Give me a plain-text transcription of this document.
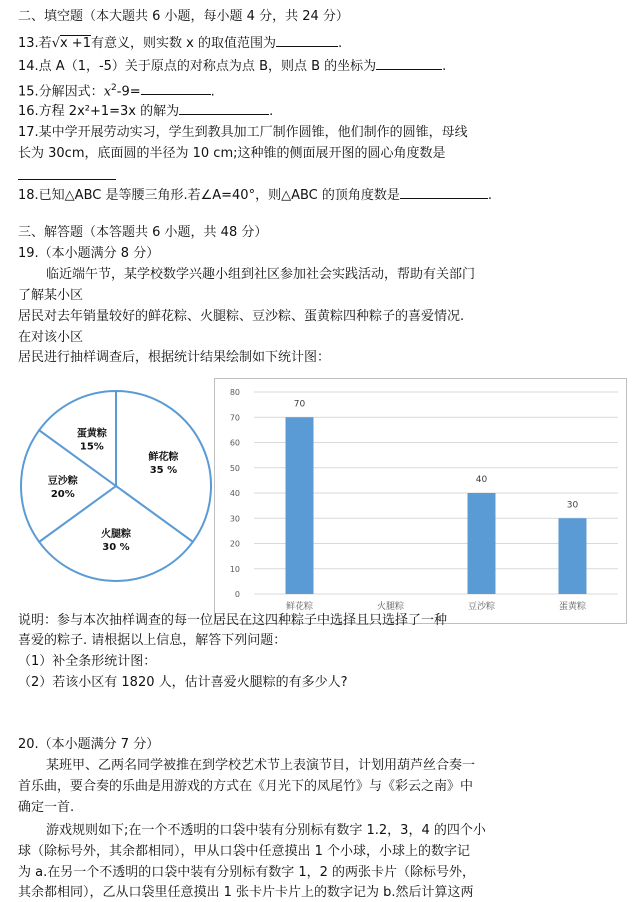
二、填空题（本大题共 6 小题，每小题 4 分，共 24 分）
13.若√x +1有意义，则实数 x 的取值范围为	.
14.点 A（1，-5）关于原点的对称点为点 B，则点 B 的坐标为	.
15.分解因式：$x^2-9=$	.
16.方程 2x²+1=3x 的解为	.
17.某中学开展劳动实习，学生到教具加工厂制作圆锥，他们制作的圆锥，母线
长为 30cm，底面圆的半径为 10 cm;这种锥的侧面展开图的圆心角度数是
18.已知△ABC 是等腰三角形.若∠A=40°，则△ABC 的顶角度数是	.
三、解答题（本答题共 6 小题，共 48 分）
19.（本小题满分 8 分）
临近端午节，某学校数学兴趣小组到社区参加社会实践活动，帮助有关部门
了解某小区
居民对去年销量较好的鲜花粽、火腿粽、豆沙粽、蛋黄粽四种粽子的喜爱情况.
在对该小区
居民进行抽样调查后，根据统计结果绘制如下统计图：
鲜花粽
35 %
火腿粽
30 %
豆沙粽
20%
蛋黄粽
15%
0
10
20
30
40
50
60
70
80
70
40
30
鲜花粽	火腿粽	豆沙粽	蛋黄粽
说明：参与本次抽样调查的每一位居民在这四种粽子中选择且只选择了一种
喜爱的粽子. 请根据以上信息，解答下列问题：
（1）补全条形统计图：
（2）若该小区有 1820 人，估计喜爱火腿粽的有多少人?
20.（本小题满分 7 分）
某班甲、乙两名同学被推在到学校艺术节上表演节目，计划用葫芦丝合奏一
首乐曲，要合奏的乐曲是用游戏的方式在《月光下的凤尾竹》与《彩云之南》中
确定一首.
游戏规则如下;在一个不透明的口袋中装有分别标有数字 1.2，3，4 的四个小
球（除标号外，其余都相同），甲从口袋中任意摸出 1 个小球，小球上的数字记
为 a.在另一个不透明的口袋中装有分别标有数字 1，2 的两张卡片（除标号外，
其余都相同），乙从口袋里任意摸出 1 张卡片卡片上的数字记为 b.然后计算这两
